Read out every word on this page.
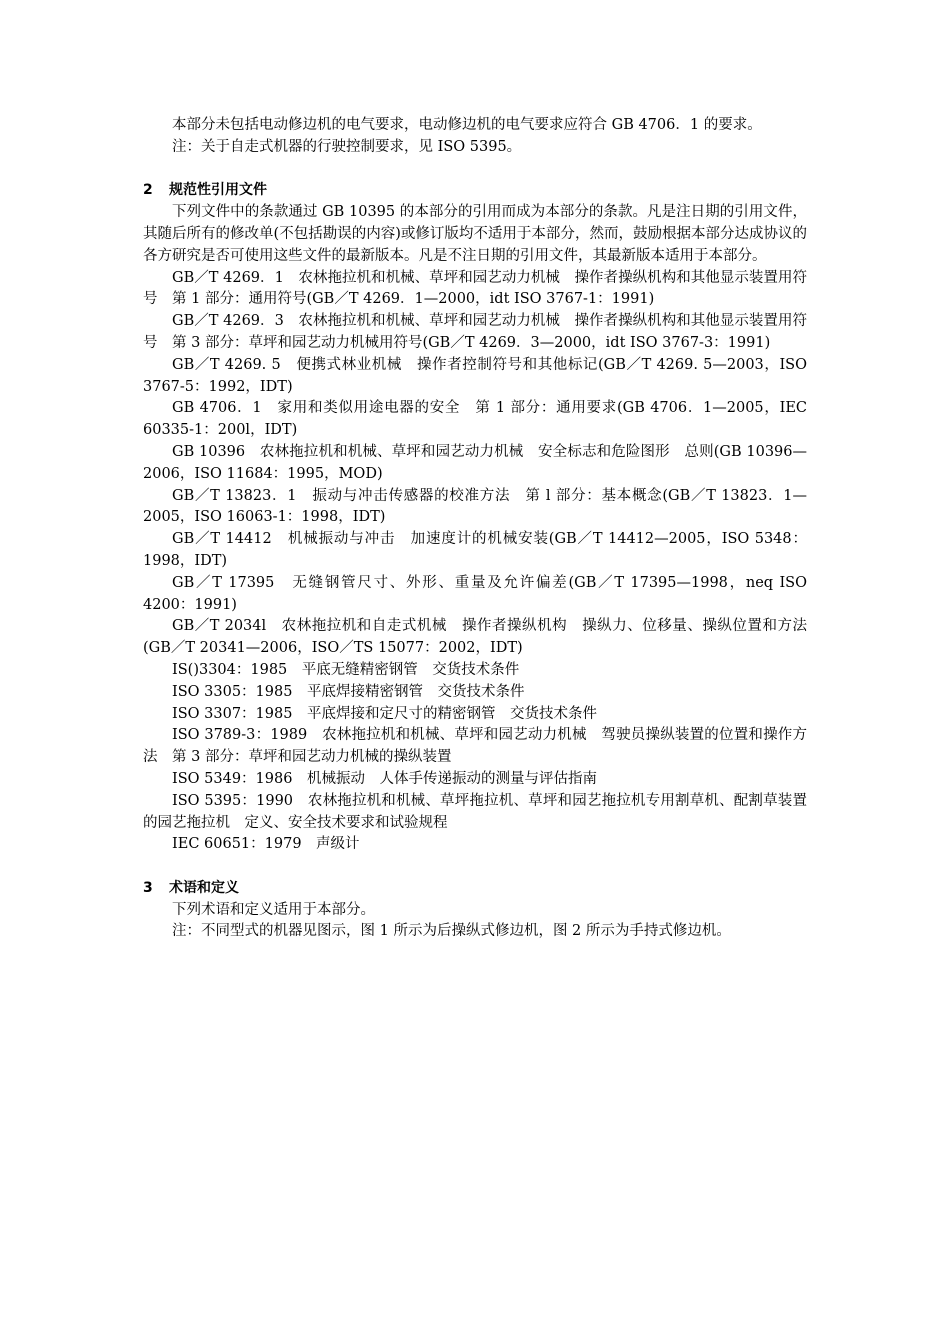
本部分未包括电动修边机的电气要求，电动修边机的电气要求应符合 GB 4706．1 的要求。

注：关于自走式机器的行驶控制要求，见 ISO 5395。

2 规范性引用文件

下列文件中的条款通过 GB 10395 的本部分的引用而成为本部分的条款。凡是注日期的引用文件，其随后所有的修改单(不包括勘误的内容)或修订版均不适用于本部分，然而，鼓励根据本部分达成协议的各方研究是否可使用这些文件的最新版本。凡是不注日期的引用文件，其最新版本适用于本部分。

GB／T 4269．1　农林拖拉机和机械、草坪和园艺动力机械　操作者操纵机构和其他显示装置用符号　第 1 部分：通用符号(GB／T 4269．1—2000，idt ISO 3767-1：1991)

GB／T 4269．3　农林拖拉机和机械、草坪和园艺动力机械　操作者操纵机构和其他显示装置用符号　第 3 部分：草坪和园艺动力机械用符号(GB／T 4269．3—2000，idt ISO 3767-3：1991)

GB／T 4269. 5　便携式林业机械　操作者控制符号和其他标记(GB／T 4269. 5—2003，ISO 3767-5：1992，IDT)

GB 4706．1　家用和类似用途电器的安全　第 1 部分：通用要求(GB 4706．1—2005，IEC 60335-1：200l，IDT)

GB 10396　农林拖拉机和机械、草坪和园艺动力机械　安全标志和危险图形　总则(GB 10396—2006，ISO 11684：1995，MOD)

GB／T 13823．1　振动与冲击传感器的校准方法　第 l 部分：基本概念(GB／T 13823．1—2005，ISO 16063-1：1998，IDT)

GB／T 14412　机械振动与冲击　加速度计的机械安装(GB／T 14412—2005，ISO 5348：1998，IDT)

GB／T 17395　无缝钢管尺寸、外形、重量及允许偏差(GB／T 17395—1998，neq ISO 4200：1991)

GB／T 2034l　农林拖拉机和自走式机械　操作者操纵机构　操纵力、位移量、操纵位置和方法(GB／T 20341—2006，ISO／TS 15077：2002，IDT)

IS()3304：1985　平底无缝精密钢管　交货技术条件

ISO 3305：1985　平底焊接精密钢管　交货技术条件

ISO 3307：1985　平底焊接和定尺寸的精密钢管　交货技术条件

ISO 3789-3：1989　农林拖拉机和机械、草坪和园艺动力机械　驾驶员操纵装置的位置和操作方法　第 3 部分：草坪和园艺动力机械的操纵装置

ISO 5349：1986　机械振动　人体手传递振动的测量与评估指南

ISO 5395：1990　农林拖拉机和机械、草坪拖拉机、草坪和园艺拖拉机专用割草机、配割草装置的园艺拖拉机　定义、安全技术要求和试验规程

IEC 60651：1979　声级计

3 术语和定义

下列术语和定义适用于本部分。

注：不同型式的机器见图示，图 1 所示为后操纵式修边机，图 2 所示为手持式修边机。
